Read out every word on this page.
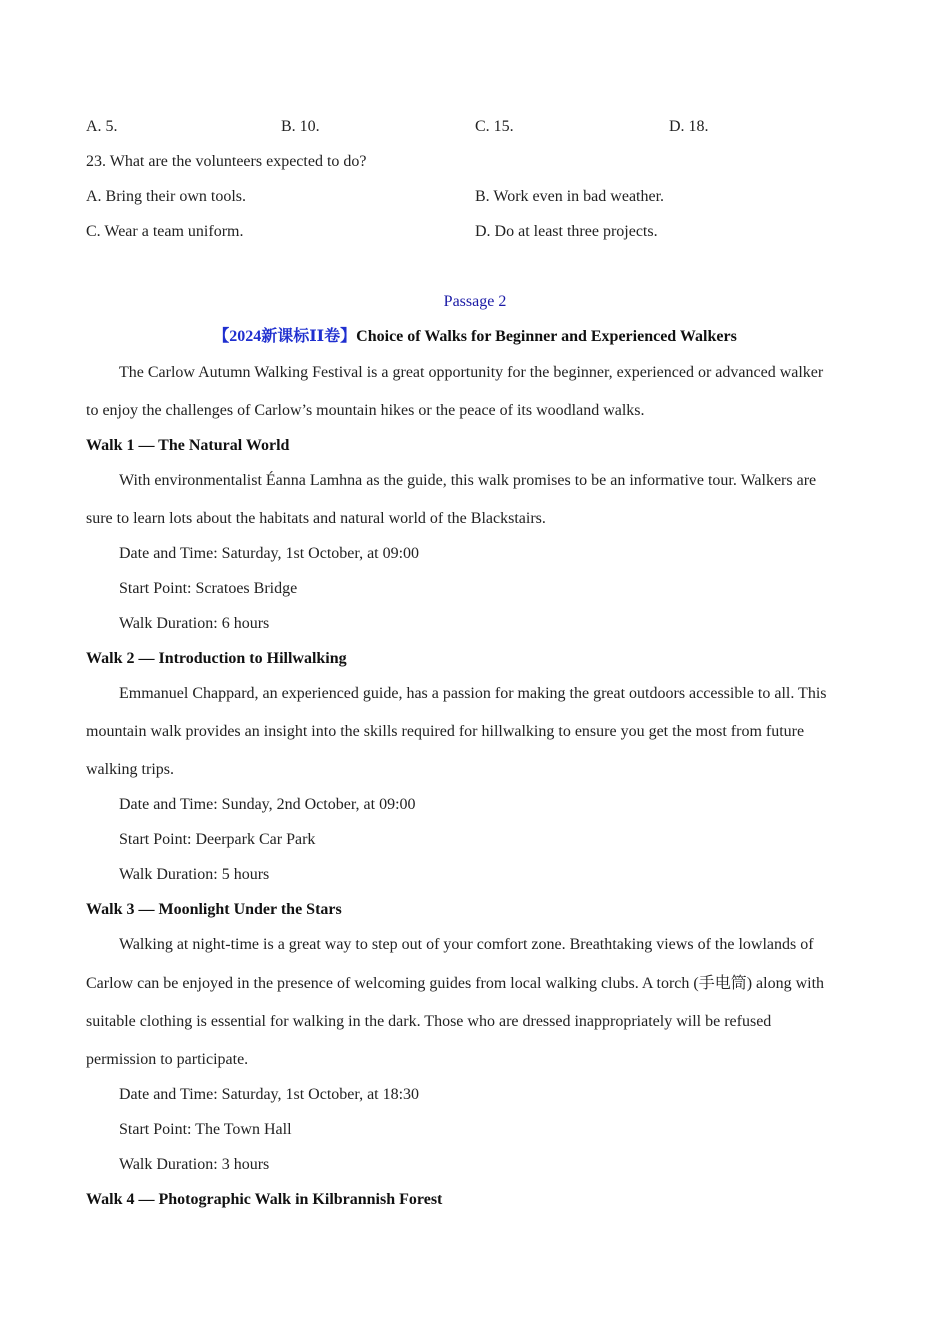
A. 5.	B. 10.	C. 15.	D. 18.
23. What are the volunteers expected to do?
A. Bring their own tools.	B. Work even in bad weather.
C. Wear a team uniform.	D. Do at least three projects.
Passage 2
【2024新课标ⅠⅠ卷】Choice of Walks for Beginner and Experienced Walkers
The Carlow Autumn Walking Festival is a great opportunity for the beginner, experienced or advanced walker
to enjoy the challenges of Carlow’s mountain hikes or the peace of its woodland walks.
Walk 1 — The Natural World
With environmentalist Éanna Lamhna as the guide, this walk promises to be an informative tour. Walkers are
sure to learn lots about the habitats and natural world of the Blackstairs.
Date and Time: Saturday, 1st October, at 09:00
Start Point: Scratoes Bridge
Walk Duration: 6 hours
Walk 2 — Introduction to Hillwalking
Emmanuel Chappard, an experienced guide, has a passion for making the great outdoors accessible to all. This
mountain walk provides an insight into the skills required for hillwalking to ensure you get the most from future
walking trips.
Date and Time: Sunday, 2nd October, at 09:00
Start Point: Deerpark Car Park
Walk Duration: 5 hours
Walk 3 — Moonlight Under the Stars
Walking at night-time is a great way to step out of your comfort zone. Breathtaking views of the lowlands of
Carlow can be enjoyed in the presence of welcoming guides from local walking clubs. A torch (手电筒) along with
suitable clothing is essential for walking in the dark. Those who are dressed inappropriately will be refused
permission to participate.
Date and Time: Saturday, 1st October, at 18:30
Start Point: The Town Hall
Walk Duration: 3 hours
Walk 4 — Photographic Walk in Kilbrannish Forest
